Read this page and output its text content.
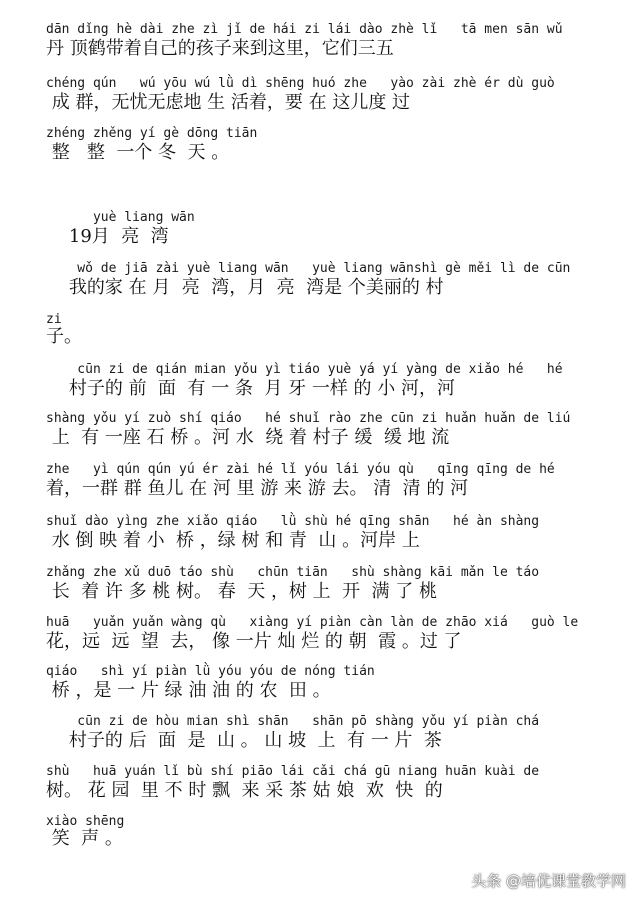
dān dǐng hè dài zhe zì jǐ de hái zi lái dào zhè lǐ   tā men sān wǔ
丹 顶鹤带着自己的孩子来到这里，它们三五
chéng qún   wú yōu wú lǜ dì shēng huó zhe   yào zài zhè ér dù guò
成 群，无忧无虑地 生 活着，要 在 这儿度 过
zhéng zhěng yí gè dōng tiān
整   整  一个 冬  天 。
yuè liang wān
19月  亮  湾
wǒ de jiā zài yuè liang wān   yuè liang wānshì gè měi lì de cūn
我的家 在 月  亮  湾，月  亮  湾是 个美丽的 村
zi
子。
cūn zi de qián mian yǒu yì tiáo yuè yá yí yàng de xiǎo hé   hé
村子的 前  面  有 一 条  月 牙 一样 的 小 河，河
shàng yǒu yí zuò shí qiáo   hé shuǐ rào zhe cūn zi huǎn huǎn de liú
上  有 一座 石 桥 。河 水  绕 着 村子 缓  缓 地 流
zhe   yì qún qún yú ér zài hé lǐ yóu lái yóu qù   qīng qīng de hé
着，一群 群 鱼儿 在 河 里 游 来 游 去。 清  清 的 河
shuǐ dào yìng zhe xiǎo qiáo   lǜ shù hé qīng shān   hé àn shàng
水 倒 映 着 小  桥 ，绿 树 和 青  山 。河岸 上
zhǎng zhe xǔ duō táo shù   chūn tiān   shù shàng kāi mǎn le táo
长  着 许 多 桃 树。 春  天 ，树 上  开  满 了 桃
huā   yuǎn yuǎn wàng qù   xiàng yí piàn càn làn de zhāo xiá   guò le
花，远  远  望  去， 像 一片 灿 烂 的 朝  霞 。过 了
qiáo   shì yí piàn lǜ yóu yóu de nóng tián
桥 ，是 一 片 绿 油 油 的 农  田 。
cūn zi de hòu mian shì shān   shān pō shàng yǒu yí piàn chá
村子的 后  面  是  山 。 山 坡  上  有 一 片  茶
shù   huā yuán lǐ bù shí piāo lái cǎi chá gū niang huān kuài de
树。 花 园  里 不 时 飘  来 采 茶 姑 娘  欢  快  的
xiào shēng
笑  声 。
头条 @培优课堂教学网
